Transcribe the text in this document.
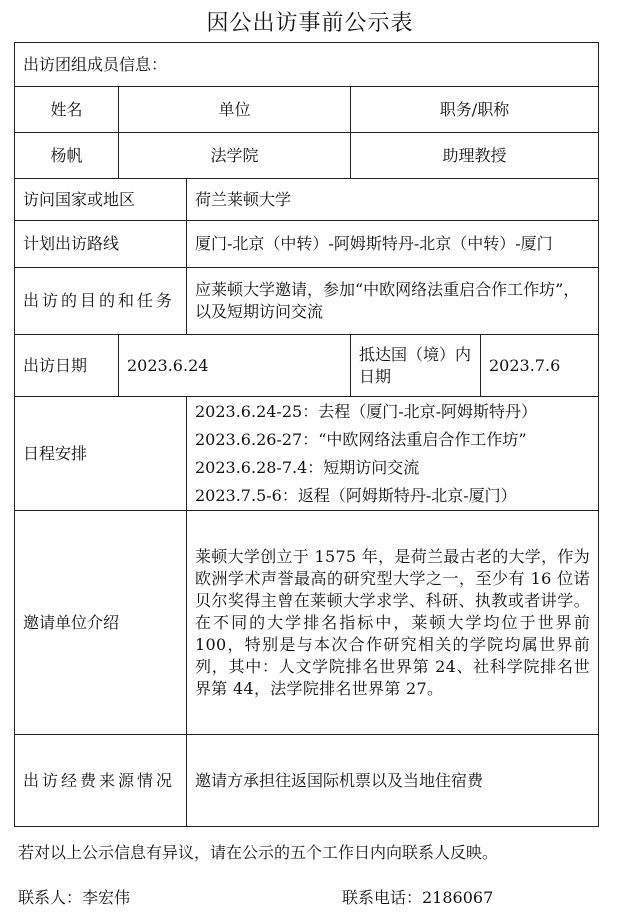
因公出访事前公示表
出访团组成员信息：				
姓名	单位		职务/职称	
杨帆	法学院		助理教授	
访问国家或地区		荷兰莱顿大学		
计划出访路线		厦门-北京（中转）-阿姆斯特丹-北京（中转）-厦门		
出访的目的和任务		应莱顿大学邀请，参加“中欧网络法重启合作工作坊”，以及短期访问交流		
出访日期	2023.6.24		抵达国（境）内日期	2023.7.6
日程安排		2023.6.24-25：去程（厦门-北京-阿姆斯特丹）
2023.6.26-27：“中欧网络法重启合作工作坊”
2023.6.28-7.4：短期访问交流
2023.7.5-6：返程（阿姆斯特丹-北京-厦门）		

邀请单位介绍		莱顿大学创立于 1575 年，是荷兰最古老的大学，作为欧洲学术声誉最高的研究型大学之一，至少有 16 位诺贝尔奖得主曾在莱顿大学求学、科研、执教或者讲学。在不同的大学排名指标中，莱顿大学均位于世界前 100，特别是与本次合作研究相关的学院均属世界前列，其中：人文学院排名世界第 24、社科学院排名世界第 44，法学院排名世界第 27。		
出访经费来源情况		邀请方承担往返国际机票以及当地住宿费		
若对以上公示信息有异议，请在公示的五个工作日内向联系人反映。
联系人：李宏伟	联系电话：2186067
